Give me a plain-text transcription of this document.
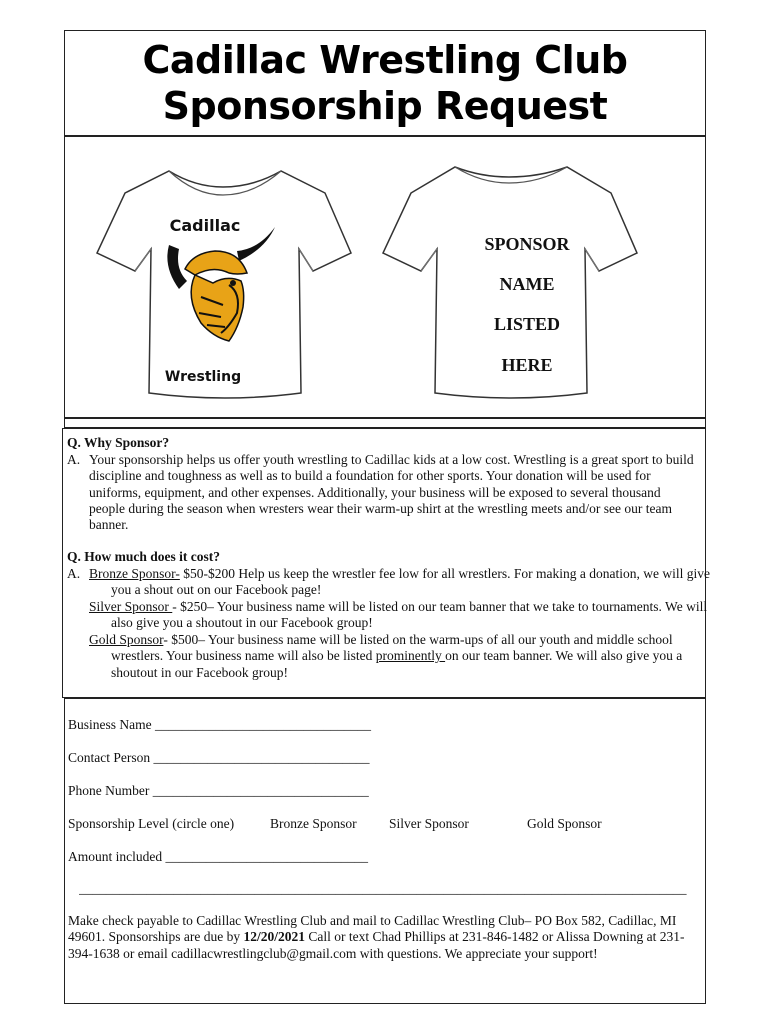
Cadillac Wrestling Club
Sponsorship Request
Cadillac
Wrestling
SPONSOR
NAME
LISTED
HERE
Q. Why Sponsor?
A. Your sponsorship helps us offer youth wrestling to Cadillac kids at a low cost. Wrestling is a great sport to build discipline and toughness as well as to build a foundation for other sports. Your donation will be used for uniforms, equipment, and other expenses. Additionally, your business will be exposed to several thousand people during the season when wresters wear their warm-up shirt at the wrestling meets and/or see our team banner.
Q. How much does it cost?
A. Bronze Sponsor- $50-$200 Help us keep the wrestler fee low for all wrestlers. For making a donation, we will give you a shout out on our Facebook page!
Silver Sponsor - $250– Your business name will be listed on our team banner that we take to tournaments. We will also give you a shoutout in our Facebook group!
Gold Sponsor- $500– Your business name will be listed on the warm-ups of all our youth and middle school wrestlers. Your business name will also be listed prominently on our team banner. We will also give you a shoutout in our Facebook group!
Business Name ________________________________
Contact Person ________________________________
Phone Number ________________________________
Sponsorship Level (circle one)	Bronze Sponsor Silver Sponsor	Gold Sponsor
Amount included ______________________________
__________________________________________________________________________________________
Make check payable to Cadillac Wrestling Club and mail to Cadillac Wrestling Club– PO Box 582, Cadillac, MI 49601. Sponsorships are due by 12/20/2021 Call or text Chad Phillips at 231-846-1482 or Alissa Downing at 231-394-1638 or email cadillacwrestlingclub@gmail.com with questions. We appreciate your support!
